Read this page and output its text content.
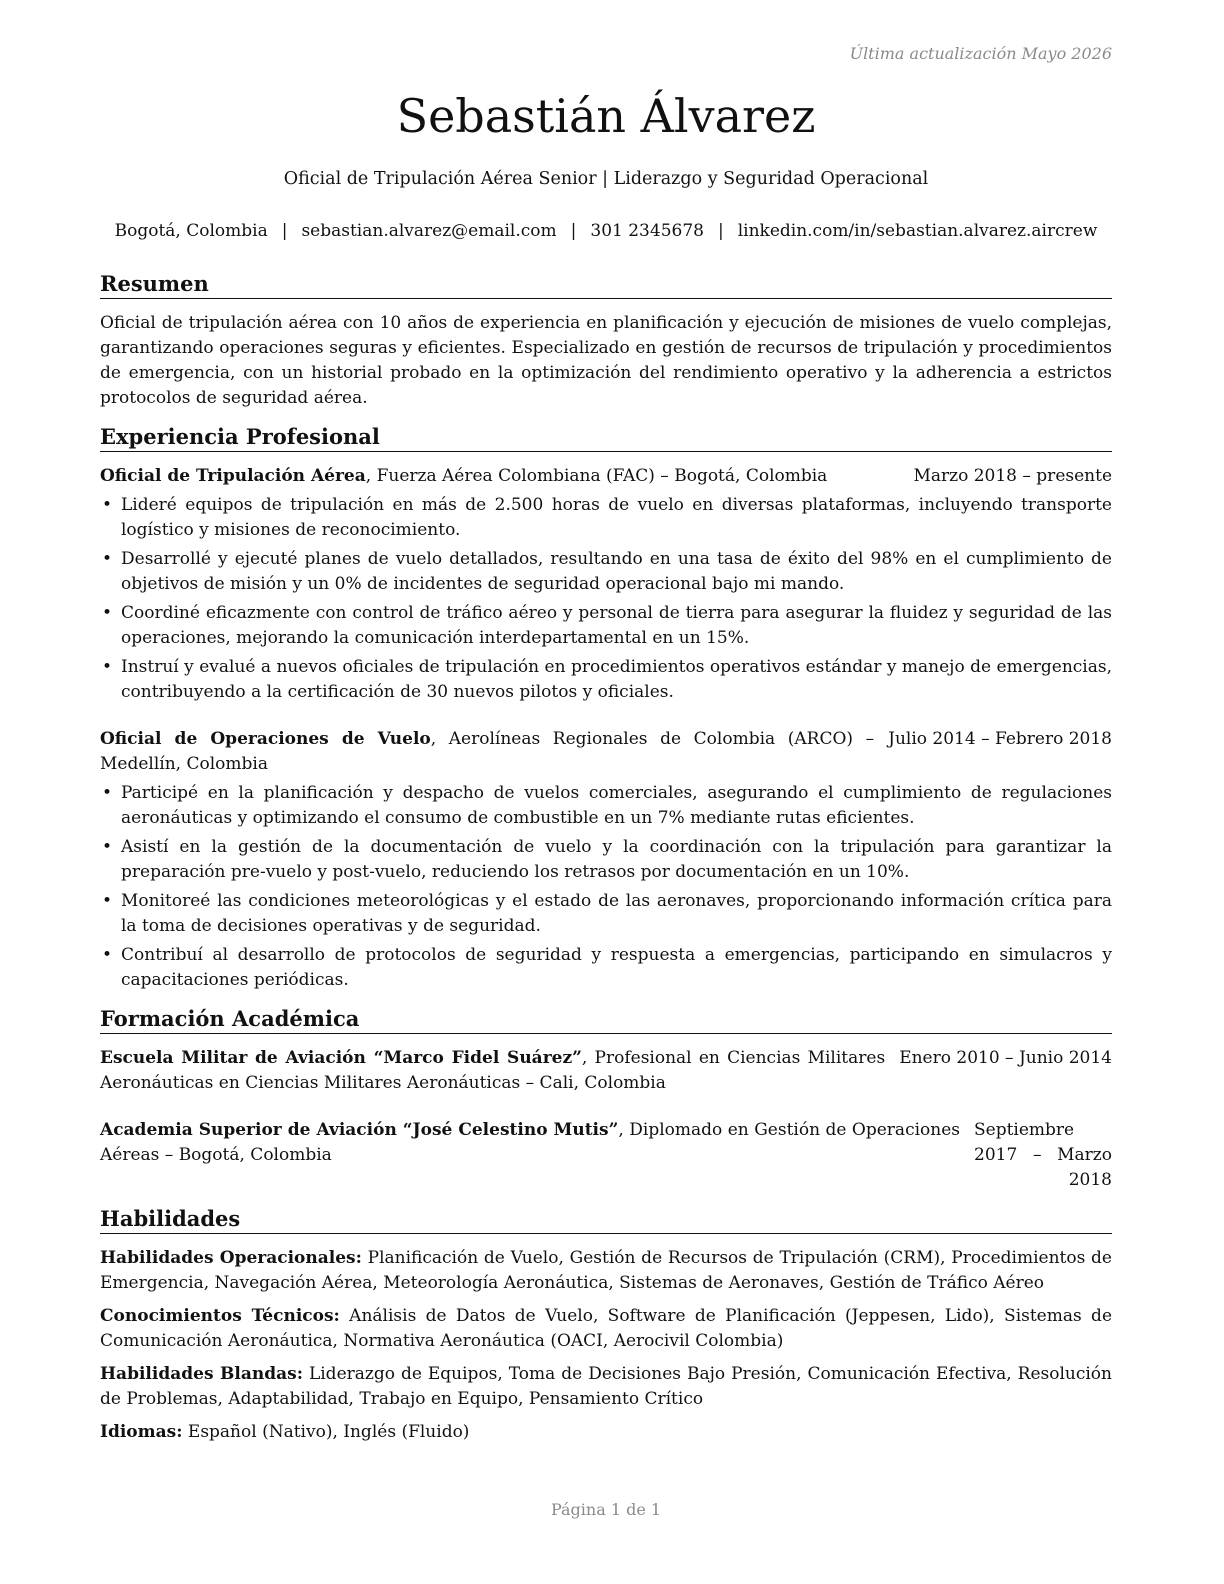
Última actualización Mayo 2026
Sebastián Álvarez
Oficial de Tripulación Aérea Senior | Liderazgo y Seguridad Operacional
Bogotá, Colombia | sebastian.alvarez@email.com | 301 2345678 | linkedin.com/in/sebastian.alvarez.aircrew
Resumen

Oficial de tripulación aérea con 10 años de experiencia en planificación y ejecución de misiones de vuelo complejas, garantizando operaciones seguras y eficientes. Especializado en gestión de recursos de tripulación y procedimientos de emergencia, con un historial probado en la optimización del rendimiento operativo y la adherencia a estrictos protocolos de seguridad aérea.

Experiencia Profesional
Oficial de Tripulación Aérea, Fuerza Aérea Colombiana (FAC) – Bogotá, Colombia	Marzo 2018 – presente
• Lideré equipos de tripulación en más de 2.500 horas de vuelo en diversas plataformas, incluyendo transporte logístico y misiones de reconocimiento.
• Desarrollé y ejecuté planes de vuelo detallados, resultando en una tasa de éxito del 98% en el cumplimiento de objetivos de misión y un 0% de incidentes de seguridad operacional bajo mi mando.
• Coordiné eficazmente con control de tráfico aéreo y personal de tierra para asegurar la fluidez y seguridad de las operaciones, mejorando la comunicación interdepartamental en un 15%.
• Instruí y evalué a nuevos oficiales de tripulación en procedimientos operativos estándar y manejo de emergencias, contribuyendo a la certificación de 30 nuevos pilotos y oficiales.
Oficial de Operaciones de Vuelo, Aerolíneas Regionales de Colombia (ARCO) – Medellín, Colombia
Julio 2014 – Febrero 2018
• Participé en la planificación y despacho de vuelos comerciales, asegurando el cumplimiento de regulaciones aeronáuticas y optimizando el consumo de combustible en un 7% mediante rutas eficientes.
• Asistí en la gestión de la documentación de vuelo y la coordinación con la tripulación para garantizar la preparación pre-vuelo y post-vuelo, reduciendo los retrasos por documentación en un 10%.
• Monitoreé las condiciones meteorológicas y el estado de las aeronaves, proporcionando información crítica para la toma de decisiones operativas y de seguridad.
• Contribuí al desarrollo de protocolos de seguridad y respuesta a emergencias, participando en simulacros y capacitaciones periódicas.
Formación Académica
Escuela Militar de Aviación “Marco Fidel Suárez”, Profesional en Ciencias Militares Aeronáuticas en Ciencias Militares Aeronáuticas – Cali, Colombia
Enero 2010 – Junio 2014
Academia Superior de Aviación “José Celestino Mutis”, Diplomado en Gestión de Operaciones Aéreas – Bogotá, Colombia
Septiembre 2017 – Marzo 2018
Habilidades
Habilidades Operacionales: Planificación de Vuelo, Gestión de Recursos de Tripulación (CRM), Procedimientos de Emergencia, Navegación Aérea, Meteorología Aeronáutica, Sistemas de Aeronaves, Gestión de Tráfico Aéreo
Conocimientos Técnicos: Análisis de Datos de Vuelo, Software de Planificación (Jeppesen, Lido), Sistemas de Comunicación Aeronáutica, Normativa Aeronáutica (OACI, Aerocivil Colombia)
Habilidades Blandas: Liderazgo de Equipos, Toma de Decisiones Bajo Presión, Comunicación Efectiva, Resolución de Problemas, Adaptabilidad, Trabajo en Equipo, Pensamiento Crítico
Idiomas: Español (Nativo), Inglés (Fluido)
Página 1 de 1
